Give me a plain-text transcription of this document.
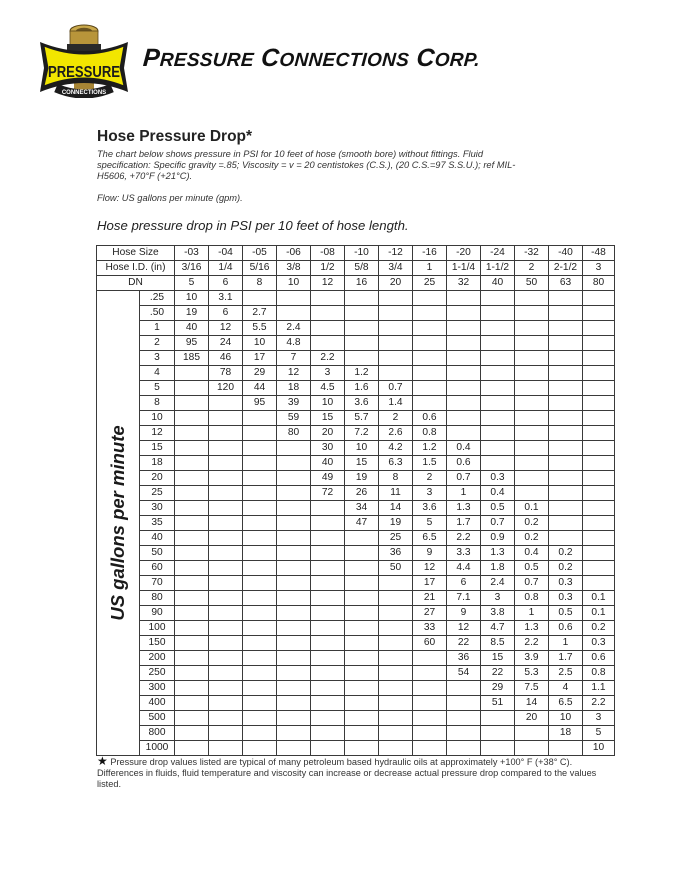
PRESSURE
CONNECTIONS
PRESSURE CONNECTIONS CORP.
Hose Pressure Drop*
The chart below shows pressure in PSI for 10 feet of hose (smooth bore) without fittings. Fluid specification: Specific gravity =.85; Viscosity = v = 20 centistokes (C.S.), (20 C.S.=97 S.S.U.); ref MIL-H5606, +70°F (+21°C).
Flow: US gallons per minute (gpm).
Hose pressure drop in PSI per 10 feet of hose length.
Hose Size		-03	-04	-05	-06	-08	-10	-12	-16	-20	-24	-32	-40	-48
Hose I.D. (in)		3/16	1/4	5/16	3/8	1/2	5/8	3/4	1	1-1/4	1-1/2	2	2-1/2	3
DN		5	6	8	10	12	16	20	25	32	40	50	63	80

US gallons per minute	.25	10	3.1											
	.50	19	6	2.7										
	1	40	12	5.5	2.4									
	2	95	24	10	4.8									
	3	185	46	17	7	2.2								
	4		78	29	12	3	1.2							
	5		120	44	18	4.5	1.6	0.7						
	8			95	39	10	3.6	1.4						
	10				59	15	5.7	2	0.6					
	12				80	20	7.2	2.6	0.8					
	15					30	10	4.2	1.2	0.4				
	18					40	15	6.3	1.5	0.6				
	20					49	19	8	2	0.7	0.3			
	25					72	26	11	3	1	0.4			
	30						34	14	3.6	1.3	0.5	0.1		
	35						47	19	5	1.7	0.7	0.2		
	40							25	6.5	2.2	0.9	0.2		
	50							36	9	3.3	1.3	0.4	0.2	
	60							50	12	4.4	1.8	0.5	0.2	
	70								17	6	2.4	0.7	0.3	
	80								21	7.1	3	0.8	0.3	0.1
	90								27	9	3.8	1	0.5	0.1
	100								33	12	4.7	1.3	0.6	0.2
	150								60	22	8.5	2.2	1	0.3
	200									36	15	3.9	1.7	0.6
	250									54	22	5.3	2.5	0.8
	300										29	7.5	4	1.1
	400										51	14	6.5	2.2
	500											20	10	3
	800												18	5
	1000													10
★ Pressure drop values listed are typical of many petroleum based hydraulic oils at approximately +100° F (+38° C). Differences in fluids, fluid temperature and viscosity can increase or decrease actual pressure drop compared to the values listed.
